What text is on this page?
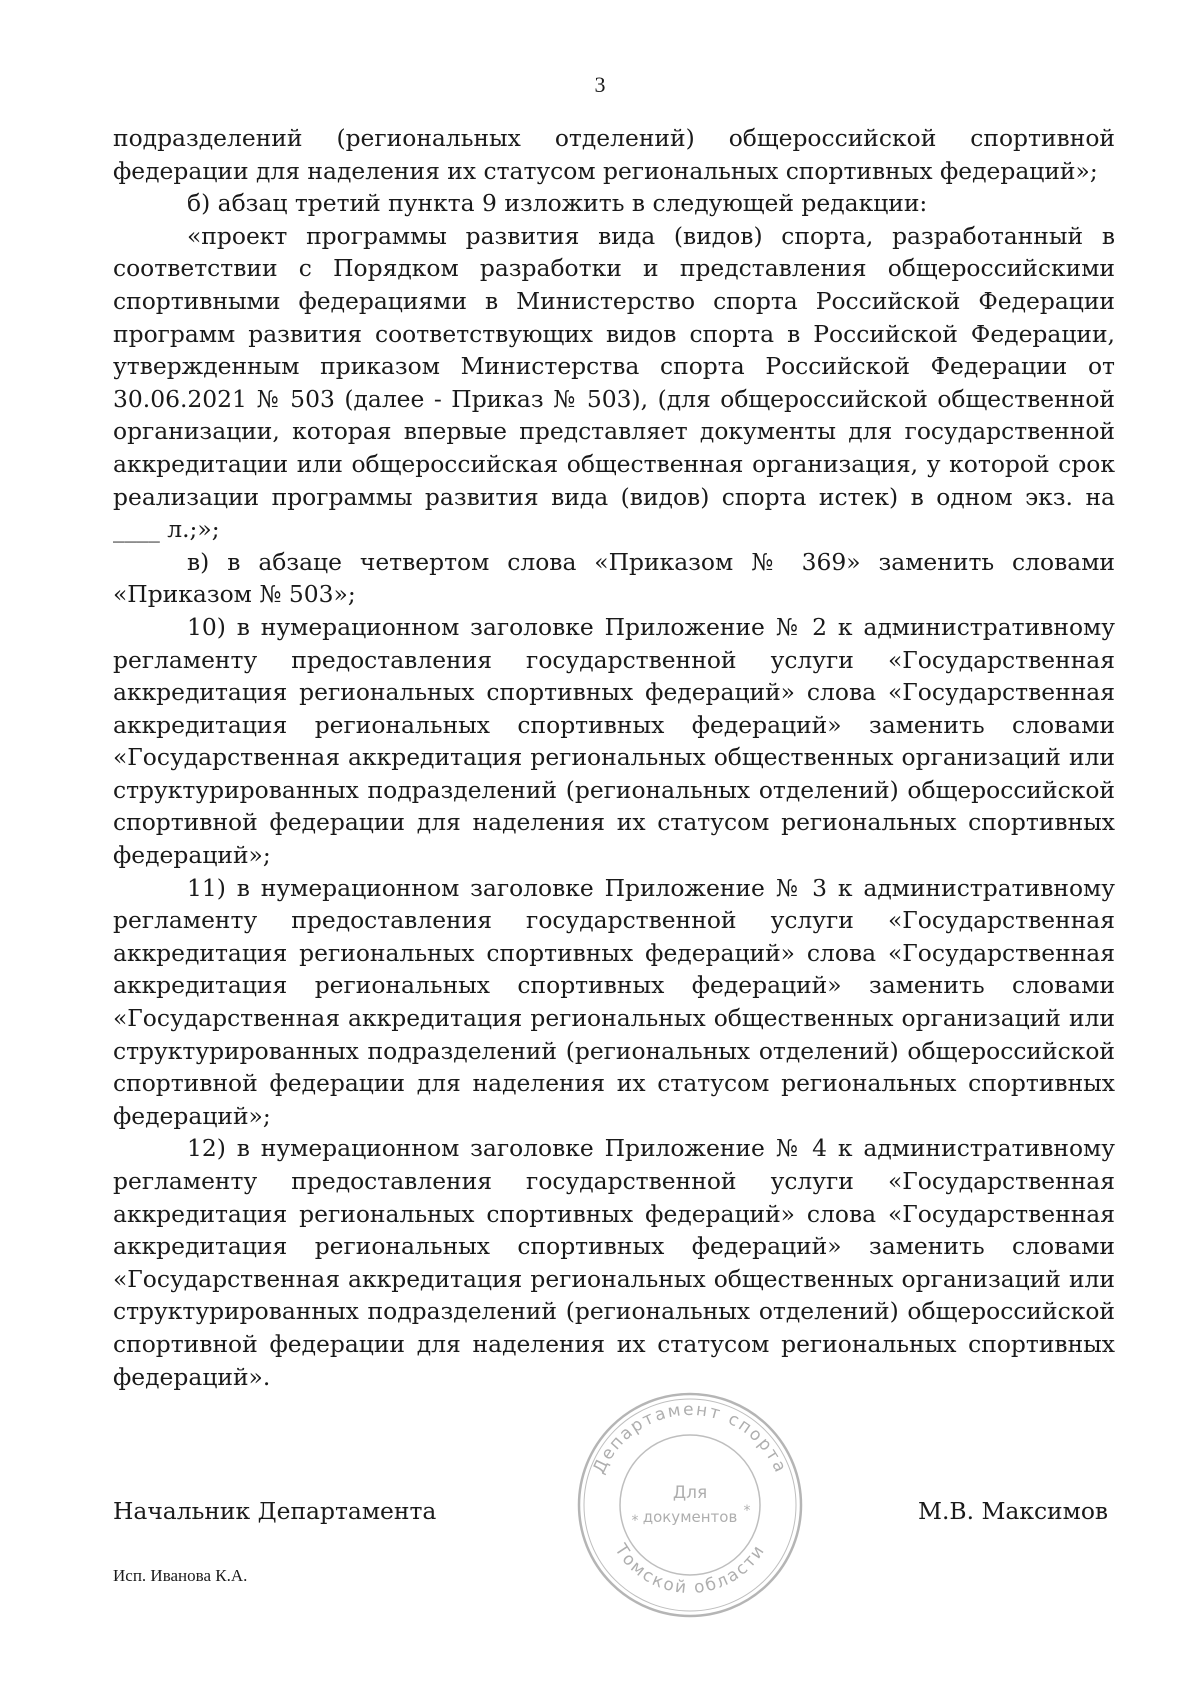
3

подразделений (региональных отделений) общероссийской спортивной федерации для наделения их статусом региональных спортивных федераций»;

б) абзац третий пункта 9 изложить в следующей редакции:

«проект программы развития вида (видов) спорта, разработанный в соответствии с Порядком разработки и представления общероссийскими спортивными федерациями в Министерство спорта Российской Федерации программ развития соответствующих видов спорта в Российской Федерации, утвержденным приказом Министерства спорта Российской Федерации от 30.06.2021 № 503 (далее - Приказ № 503), (для общероссийской общественной организации, которая впервые представляет документы для государственной аккредитации или общероссийская общественная организация, у которой срок реализации программы развития вида (видов) спорта истек) в одном экз. на ____ л.;»;

в) в абзаце четвертом слова «Приказом № 369» заменить словами «Приказом № 503»;

10) в нумерационном заголовке Приложение № 2 к административному регламенту предоставления государственной услуги «Государственная аккредитация региональных спортивных федераций» слова «Государственная аккредитация региональных спортивных федераций» заменить словами «Государственная аккредитация региональных общественных организаций или структурированных подразделений (региональных отделений) общероссийской спортивной федерации для наделения их статусом региональных спортивных федераций»;

11) в нумерационном заголовке Приложение № 3 к административному регламенту предоставления государственной услуги «Государственная аккредитация региональных спортивных федераций» слова «Государственная аккредитация региональных спортивных федераций» заменить словами «Государственная аккредитация региональных общественных организаций или структурированных подразделений (региональных отделений) общероссийской спортивной федерации для наделения их статусом региональных спортивных федераций»;

12) в нумерационном заголовке Приложение № 4 к административному регламенту предоставления государственной услуги «Государственная аккредитация региональных спортивных федераций» слова «Государственная аккредитация региональных спортивных федераций» заменить словами «Государственная аккредитация региональных общественных организаций или структурированных подразделений (региональных отделений) общероссийской спортивной федерации для наделения их статусом региональных спортивных федераций».

Начальник Департамента	М.В. Максимов
Департамент спорта
Томской области
Для
документов
*
*
Исп. Иванова К.А.
